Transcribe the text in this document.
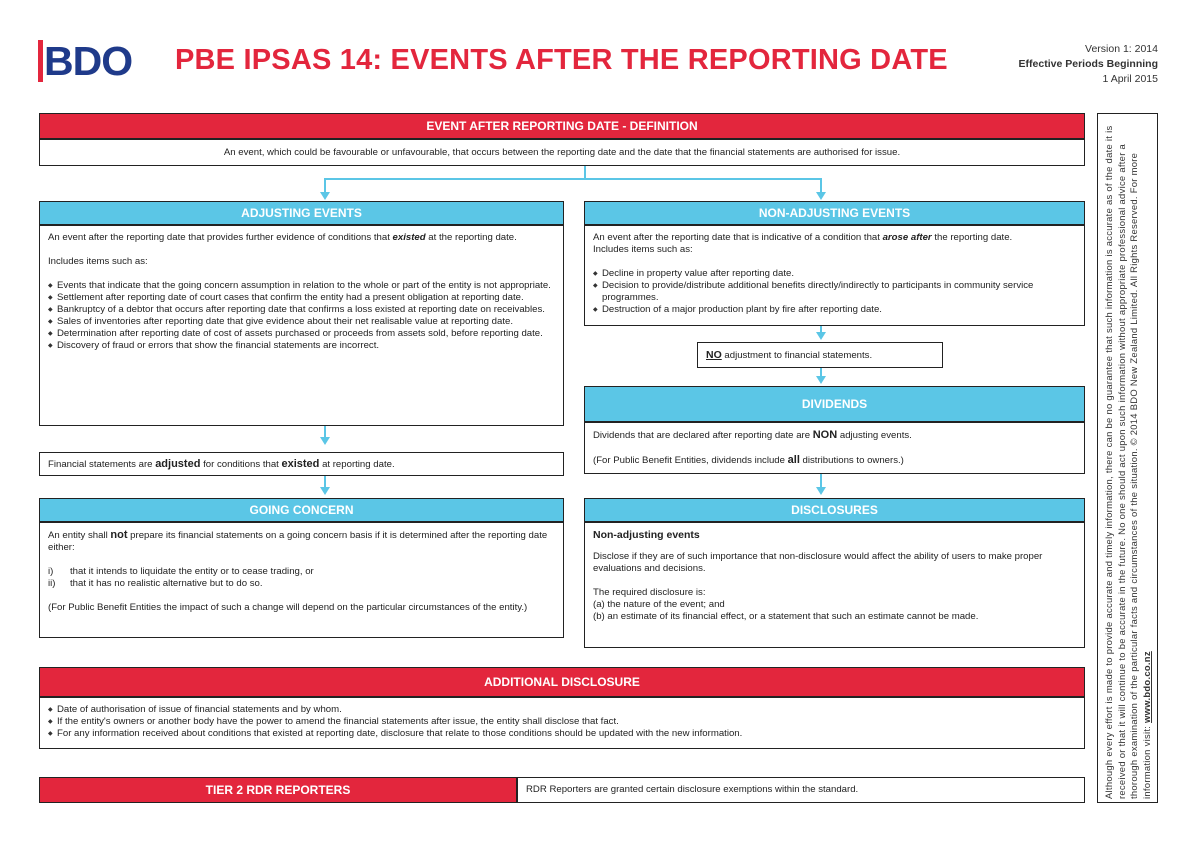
BDO PBE IPSAS 14: EVENTS AFTER THE REPORTING DATE	Version 1: 2014
Effective Periods Beginning
1 April 2015
EVENT AFTER REPORTING DATE - DEFINITION
An event, which could be favourable or unfavourable, that occurs between the reporting date and the date that the financial statements are authorised for issue.
ADJUSTING EVENTS

An event after the reporting date that provides further evidence of conditions that existed at the reporting date.

Includes items such as:

◆ Events that indicate that the going concern assumption in relation to the whole or part of the entity is not appropriate.
◆ Settlement after reporting date of court cases that confirm the entity had a present obligation at reporting date.
◆ Bankruptcy of a debtor that occurs after reporting date that confirms a loss existed at reporting date on receivables.
◆ Sales of inventories after reporting date that give evidence about their net realisable value at reporting date.
◆ Determination after reporting date of cost of assets purchased or proceeds from assets sold, before reporting date.
◆ Discovery of fraud or errors that show the financial statements are incorrect.
Financial statements are adjusted for conditions that existed at reporting date.
GOING CONCERN

An entity shall not prepare its financial statements on a going concern basis if it is determined after the reporting date either:

i) that it intends to liquidate the entity or to cease trading, or
ii) that it has no realistic alternative but to do so.

(For Public Benefit Entities the impact of such a change will depend on the particular circumstances of the entity.)

NON-ADJUSTING EVENTS

An event after the reporting date that is indicative of a condition that arose after the reporting date.

Includes items such as:

◆ Decline in property value after reporting date.
◆ Decision to provide/distribute additional benefits directly/indirectly to participants in community service programmes.
◆ Destruction of a major production plant by fire after reporting date.
NO adjustment to financial statements.
DIVIDENDS

Dividends that are declared after reporting date are NON adjusting events.

(For Public Benefit Entities, dividends include all distributions to owners.)

DISCLOSURES

Non-adjusting events

Disclose if they are of such importance that non-disclosure would affect the ability of users to make proper evaluations and decisions.

The required disclosure is:

(a) the nature of the event; and

(b) an estimate of its financial effect, or a statement that such an estimate cannot be made.

ADDITIONAL DISCLOSURE
◆ Date of authorisation of issue of financial statements and by whom.
◆ If the entity's owners or another body have the power to amend the financial statements after issue, the entity shall disclose that fact.
◆ For any information received about conditions that existed at reporting date, disclosure that relate to those conditions should be updated with the new information.
TIER 2 RDR REPORTERS	RDR Reporters are granted certain disclosure exemptions within the standard.	Although every effort is made to provide accurate and timely information, there can be no guarantee that such information is accurate as of the date it is received or that it will continue to be accurate in the future. No one should act upon such information without appropriate professional advice after a thorough examination of the particular facts and circumstances of the situation. © 2014 BDO New Zealand Limited. All Rights Reserved. For more information visit: www.bdo.co.nz
